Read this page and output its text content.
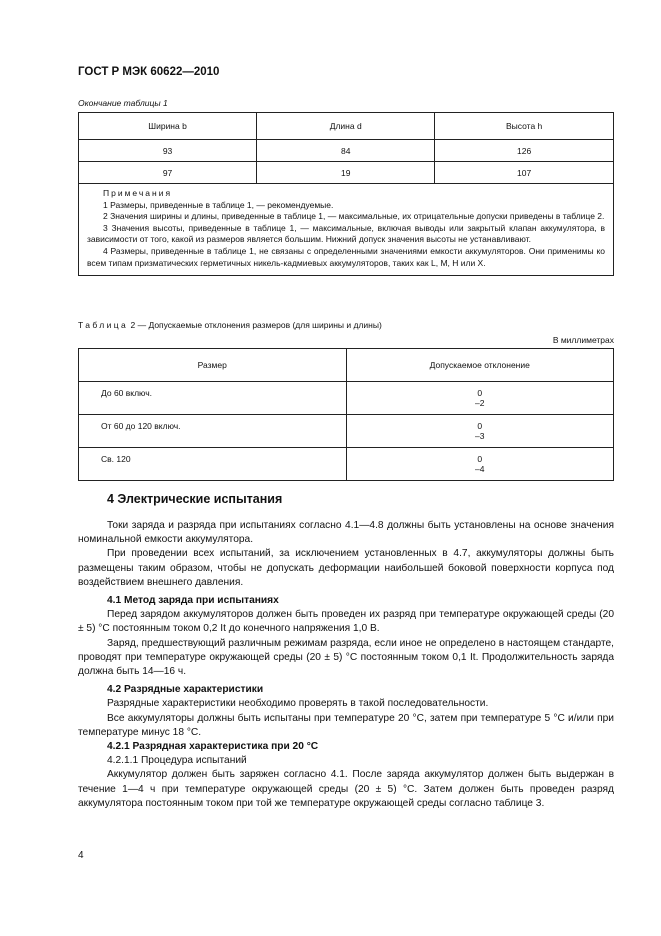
ГОСТ Р МЭК 60622—2010
Окончание таблицы 1
Ширина b	Длина d	Высота h
93	84	126
97	19	107

Примечания

1 Размеры, приведенные в таблице 1, — рекомендуемые.

2 Значения ширины и длины, приведенные в таблице 1, — максимальные, их отрицательные допуски приведены в таблице 2.

3 Значения высоты, приведенные в таблице 1, — максимальные, включая выводы или закрытый клапан аккумулятора, в зависимости от того, какой из размеров является большим. Нижний допуск значения высоты не устанавливают.

4 Размеры, приведенные в таблице 1, не связаны с определенными значениями емкости аккумуляторов. Они применимы ко всем типам призматических герметичных никель-кадмиевых аккумуляторов, таких как L, M, H или X.		

Таблица 2 — Допускаемые отклонения размеров (для ширины и длины)
В миллиметрах
Размер	Допускаемое отклонение
До 60 включ.	0
–2

От 60 до 120 включ.	0
–3

Св. 120	0
–4
4 Электрические испытания

Токи заряда и разряда при испытаниях согласно 4.1—4.8 должны быть установлены на основе значения номинальной емкости аккумулятора.

При проведении всех испытаний, за исключением установленных в 4.7, аккумуляторы должны быть размещены таким образом, чтобы не допускать деформации наибольшей боковой поверхности корпуса под воздействием внешнего давления.

4.1 Метод заряда при испытаниях

Перед зарядом аккумуляторов должен быть проведен их разряд при температуре окружающей среды (20 ± 5) °С постоянным током 0,2 It до конечного напряжения 1,0 В.

Заряд, предшествующий различным режимам разряда, если иное не определено в настоящем стандарте, проводят при температуре окружающей среды (20 ± 5) °С постоянным током 0,1 It. Продолжительность заряда должна быть 14—16 ч.

4.2 Разрядные характеристики

Разрядные характеристики необходимо проверять в такой последовательности.

Все аккумуляторы должны быть испытаны при температуре 20 °С, затем при температуре 5 °С и/или при температуре минус 18 °С.

4.2.1 Разрядная характеристика при 20 °С

4.2.1.1 Процедура испытаний

Аккумулятор должен быть заряжен согласно 4.1. После заряда аккумулятор должен быть выдержан в течение 1—4 ч при температуре окружающей среды (20 ± 5) °С. Затем должен быть проведен разряд аккумулятора постоянным током при той же температуре окружающей среды согласно таблице 3.

4
